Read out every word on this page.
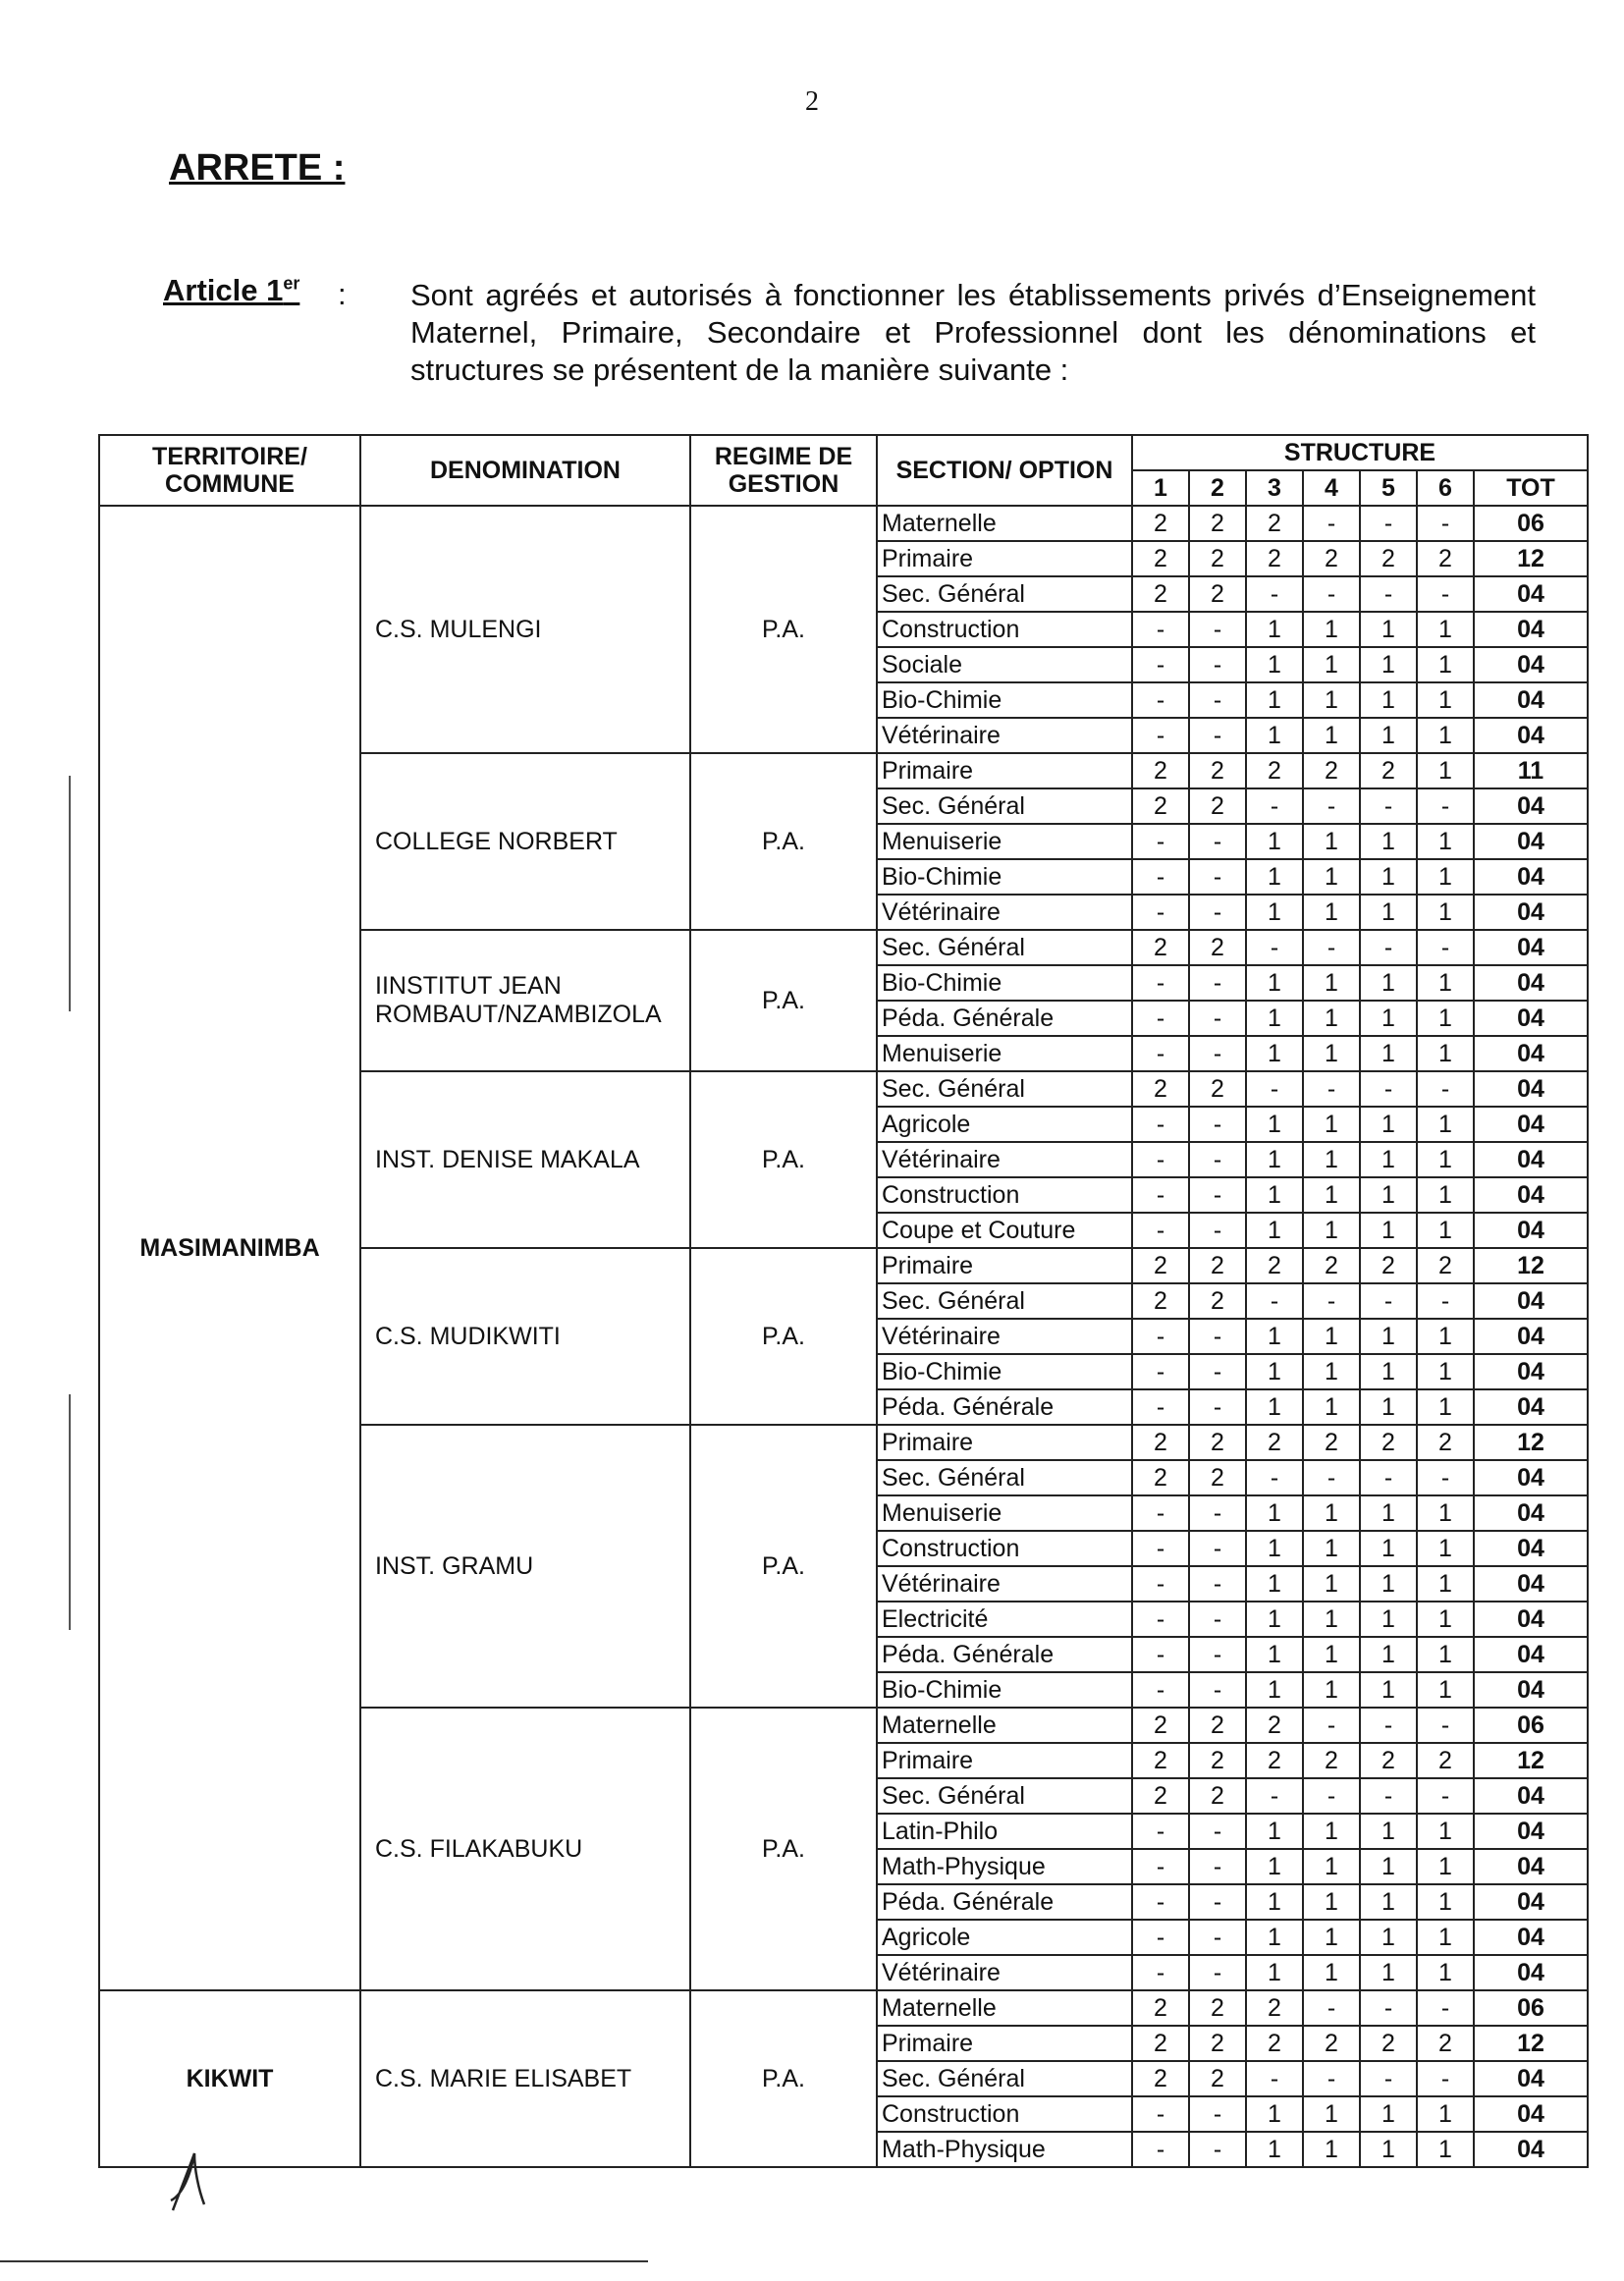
2
ARRETE :
Article 1er : Sont agréés et autorisés à fonctionner les établissements privés d’Enseignement Maternel, Primaire, Secondaire et Professionnel dont les dénominations et structures se présentent de la manière suivante :
TERRITOIRE/ COMMUNE	DENOMINATION	REGIME DE GESTION	SECTION/ OPTION	STRUCTURE						
				1	2	3	4	5	6	TOT
MASIMANIMBA	C.S. MULENGI	P.A.	Maternelle	2	2	2	-	-	-	06
			Primaire	2	2	2	2	2	2	12
			Sec. Général	2	2	-	-	-	-	04
			Construction	-	-	1	1	1	1	04
			Sociale	-	-	1	1	1	1	04
			Bio-Chimie	-	-	1	1	1	1	04
			Vétérinaire	-	-	1	1	1	1	04
	COLLEGE NORBERT	P.A.	Primaire	2	2	2	2	2	1	11
			Sec. Général	2	2	-	-	-	-	04
			Menuiserie	-	-	1	1	1	1	04
			Bio-Chimie	-	-	1	1	1	1	04
			Vétérinaire	-	-	1	1	1	1	04
	IINSTITUT JEAN ROMBAUT/NZAMBIZOLA	P.A.	Sec. Général	2	2	-	-	-	-	04
			Bio-Chimie	-	-	1	1	1	1	04
			Péda. Générale	-	-	1	1	1	1	04
			Menuiserie	-	-	1	1	1	1	04
	INST. DENISE MAKALA	P.A.	Sec. Général	2	2	-	-	-	-	04
			Agricole	-	-	1	1	1	1	04
			Vétérinaire	-	-	1	1	1	1	04
			Construction	-	-	1	1	1	1	04
			Coupe et Couture	-	-	1	1	1	1	04
	C.S. MUDIKWITI	P.A.	Primaire	2	2	2	2	2	2	12
			Sec. Général	2	2	-	-	-	-	04
			Vétérinaire	-	-	1	1	1	1	04
			Bio-Chimie	-	-	1	1	1	1	04
			Péda. Générale	-	-	1	1	1	1	04
	INST. GRAMU	P.A.	Primaire	2	2	2	2	2	2	12
			Sec. Général	2	2	-	-	-	-	04
			Menuiserie	-	-	1	1	1	1	04
			Construction	-	-	1	1	1	1	04
			Vétérinaire	-	-	1	1	1	1	04
			Electricité	-	-	1	1	1	1	04
			Péda. Générale	-	-	1	1	1	1	04
			Bio-Chimie	-	-	1	1	1	1	04
	C.S. FILAKABUKU	P.A.	Maternelle	2	2	2	-	-	-	06
			Primaire	2	2	2	2	2	2	12
			Sec. Général	2	2	-	-	-	-	04
			Latin-Philo	-	-	1	1	1	1	04
			Math-Physique	-	-	1	1	1	1	04
			Péda. Générale	-	-	1	1	1	1	04
			Agricole	-	-	1	1	1	1	04
			Vétérinaire	-	-	1	1	1	1	04
KIKWIT	C.S. MARIE ELISABET	P.A.	Maternelle	2	2	2	-	-	-	06
			Primaire	2	2	2	2	2	2	12
			Sec. Général	2	2	-	-	-	-	04
			Construction	-	-	1	1	1	1	04
			Math-Physique	-	-	1	1	1	1	04
